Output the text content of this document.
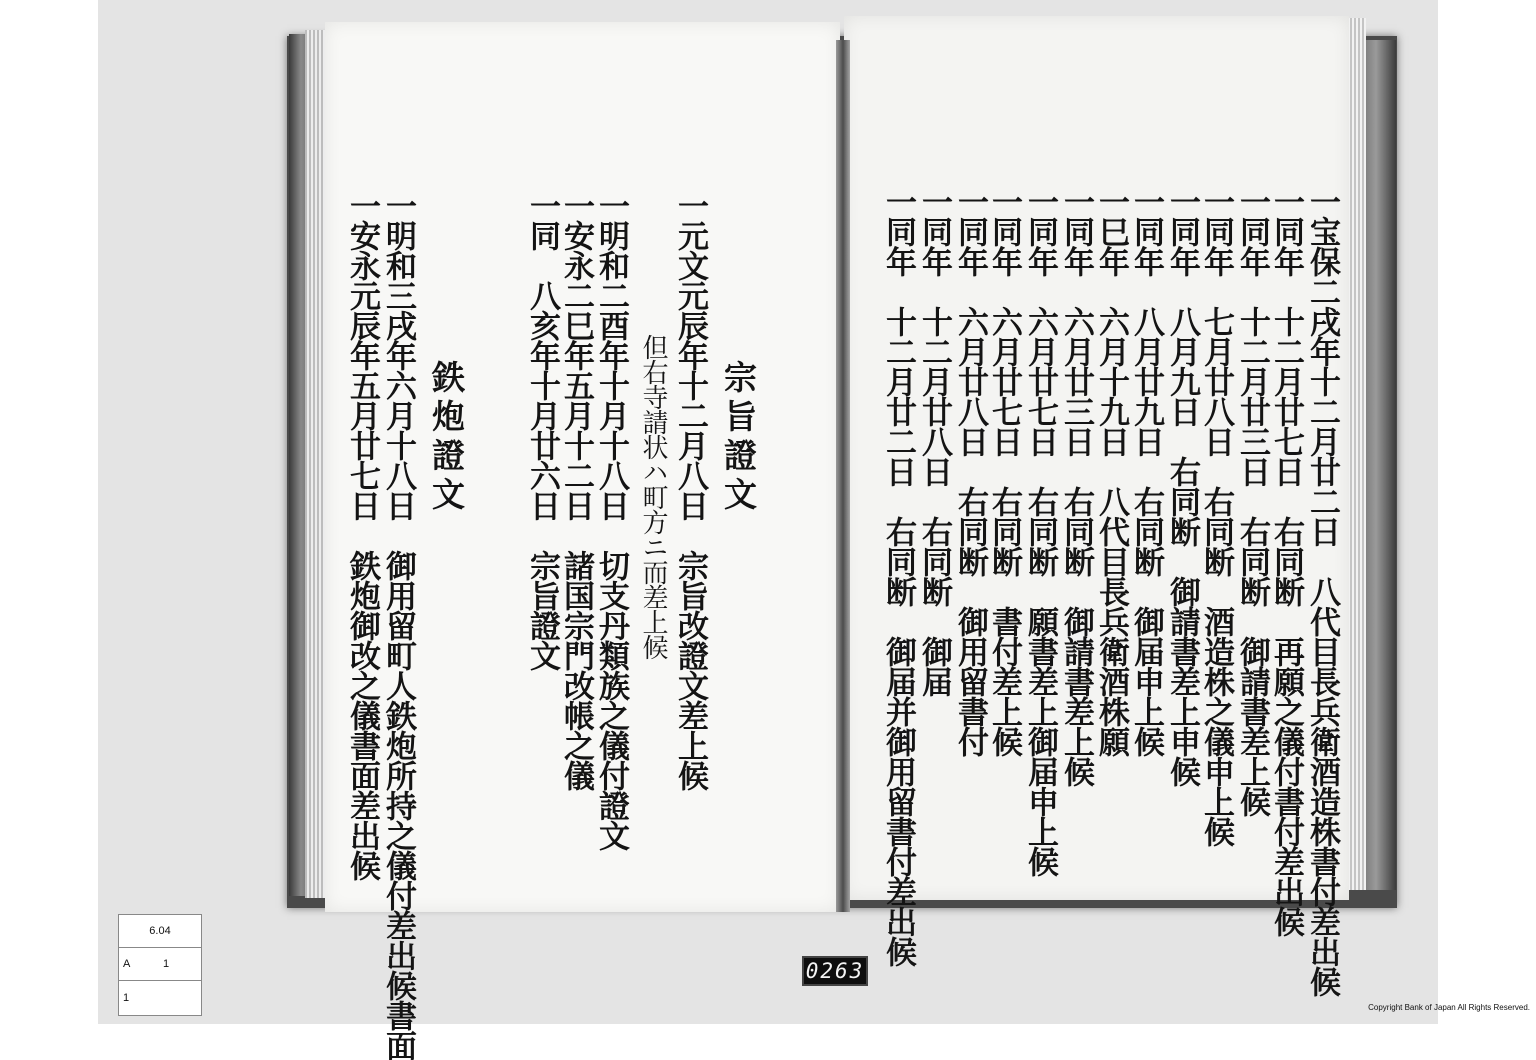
一元文元辰年十二月八日　宗旨改證文差上候
但右寺請状ハ町方ニ而差上候 宗旨證文
一明和二酉年十月十八日　切支丹類族之儀付證文
一安永二巳年五月十二日　諸国宗門改帳之儀
一同　八亥年十月廿六日　宗旨證文
鉄炮證文
一明和三戌年六月十八日　御用留町人鉄炮所持之儀付差出候書面
一安永元辰年五月廿七日　鉄炮御改之儀書面差出候
一宝保二戌年十二月廿二日　八代目長兵衛酒造株書付差出候
一同年　十二月廿七日　右同断　再願之儀付書付差出候
一同年　十二月廿三日　右同断　御請書差上候
一同年　七月廿八日　右同断　酒造株之儀申上候
一同年　八月九日　右同断　御請書差上申候
一同年　八月廿九日　右同断　御届申上候
一巳年　六月十九日　八代目長兵衛酒株願
一同年　六月廿三日　右同断　御請書差上候
一同年　六月廿七日　右同断　願書差上御届申上候
一同年　六月廿七日　右同断　書付差上候
一同年　六月廿八日　右同断　御用留書付
一同年　十二月廿八日　右同断　御届
一同年　十二月廿二日　右同断　御届并御用留書付差出候
6.04
A	1
1
0263
Copyright Bank of Japan All Rights Reserved.
